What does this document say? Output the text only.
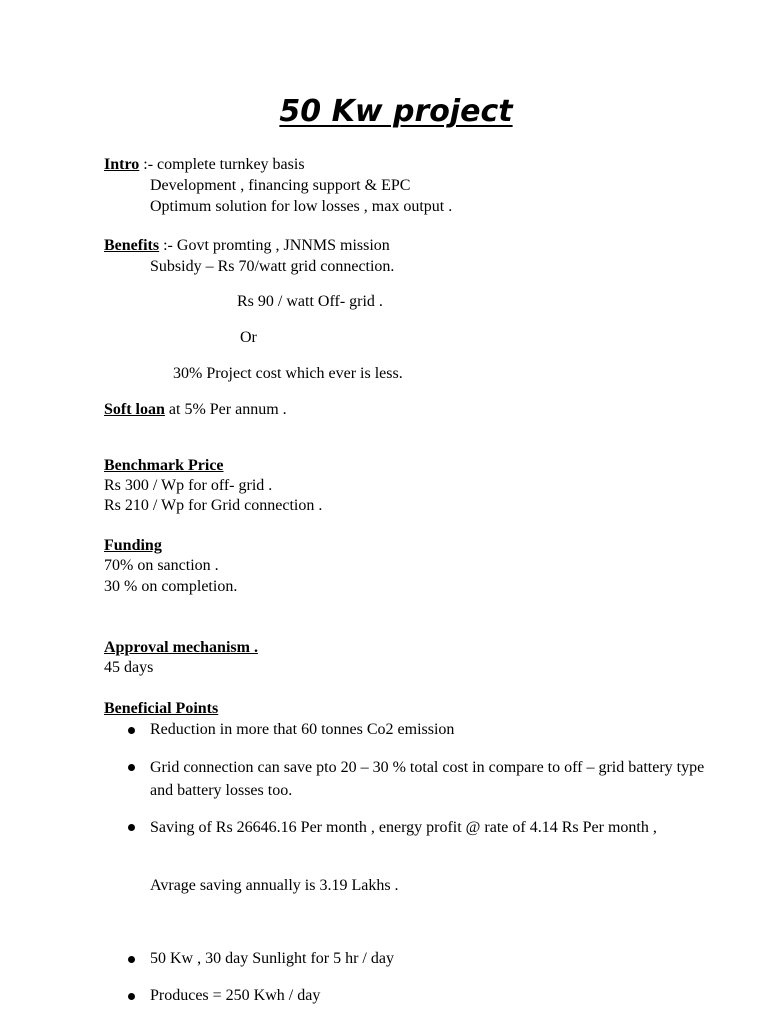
50 Kw project
Intro :- complete turnkey basis
Development , financing support & EPC
Optimum solution for low losses , max output .
Benefits :- Govt promting , JNNMS mission
Subsidy – Rs 70/watt grid connection.
Rs 90 / watt Off- grid .
Or
30% Project cost which ever is less.
Soft loan at 5% Per annum .
Benchmark Price
Rs 300 / Wp for off- grid .
Rs 210 / Wp for Grid connection .
Funding
70% on sanction .
30 % on completion.
Approval mechanism .
45 days
Beneficial Points
Reduction in more that 60 tonnes Co2 emission
Grid connection can save pto 20 – 30 % total cost in compare to off – grid battery type and battery losses too.
Saving of Rs 26646.16 Per month , energy profit @ rate of 4.14 Rs Per month ,
Avrage saving annually is 3.19 Lakhs .
50 Kw , 30 day Sunlight for 5 hr / day
Produces = 250 Kwh / day
